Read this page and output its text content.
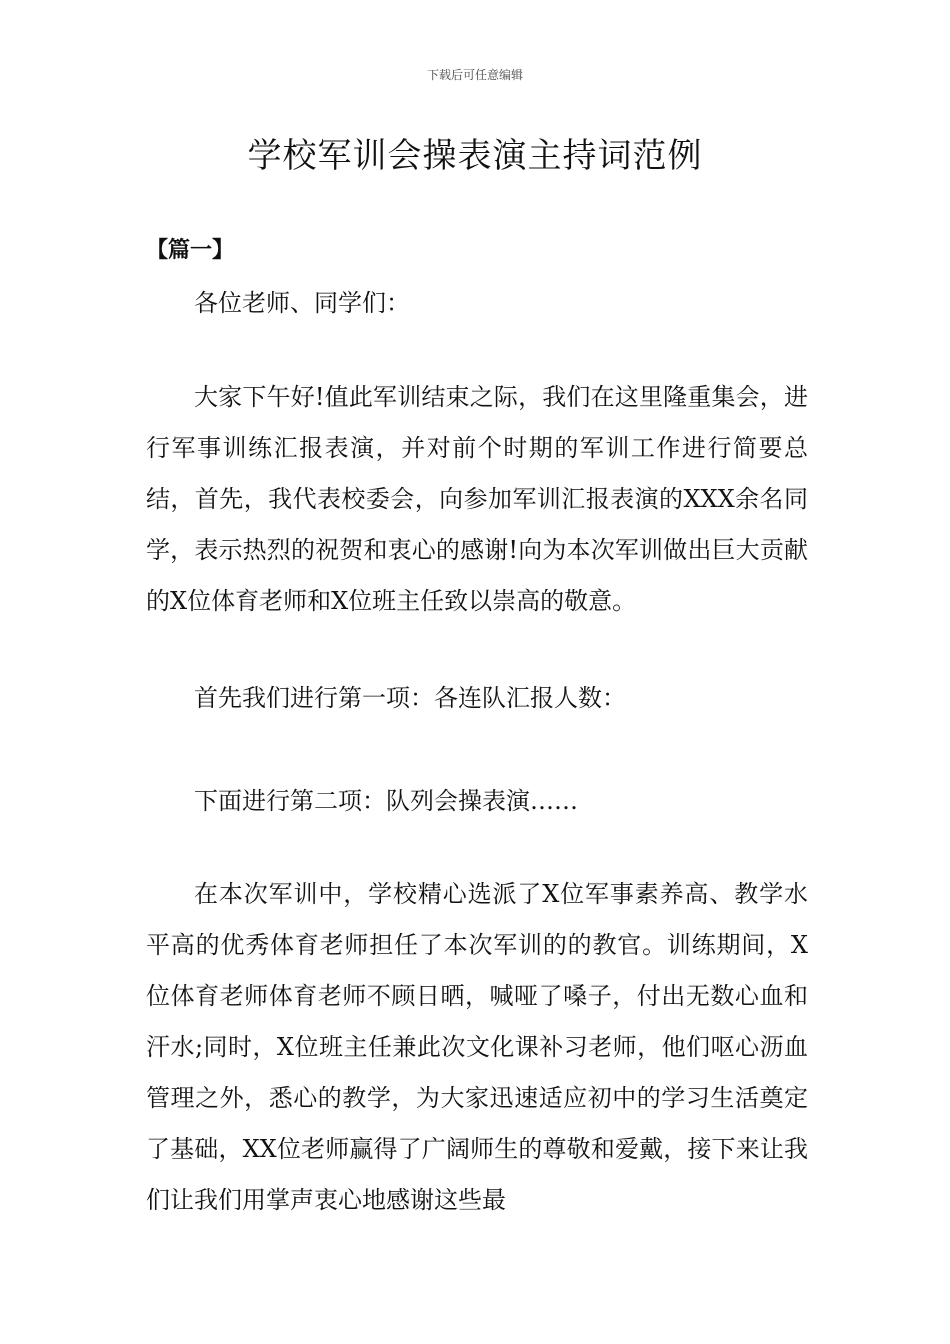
下载后可任意编辑
学校军训会操表演主持词范例
【篇一】

各位老师、同学们：

大家下午好!值此军训结束之际，我们在这里隆重集会，进行军事训练汇报表演，并对前个时期的军训工作进行简要总结，首先，我代表校委会，向参加军训汇报表演的XXX余名同学，表示热烈的祝贺和衷心的感谢!向为本次军训做出巨大贡献的X位体育老师和X位班主任致以崇高的敬意。

首先我们进行第一项：各连队汇报人数：

下面进行第二项：队列会操表演……

在本次军训中，学校精心选派了X位军事素养高、教学水平高的优秀体育老师担任了本次军训的的教官。训练期间，X位体育老师体育老师不顾日晒，喊哑了嗓子，付出无数心血和汗水;同时，X位班主任兼此次文化课补习老师，他们呕心沥血管理之外，悉心的教学，为大家迅速适应初中的学习生活奠定了基础，XX位老师赢得了广阔师生的尊敬和爱戴，接下来让我们让我们用掌声衷心地感谢这些最
